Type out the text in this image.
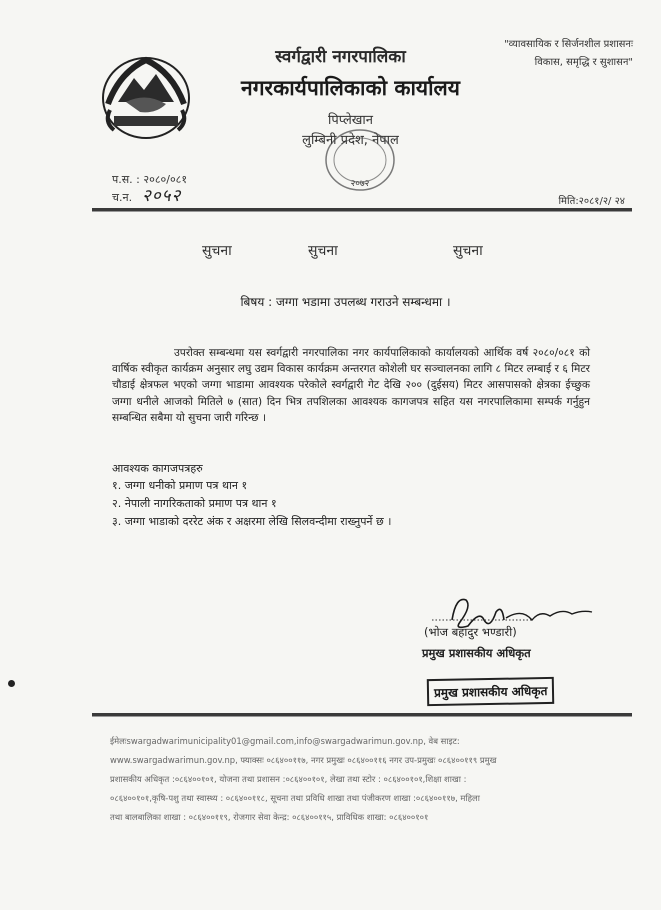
स्वर्गद्वारी नगरपालिका
नगरकार्यपालिकाको कार्यालय
पिप्लेखान
लुम्बिनी प्रदेश, नेपाल
"व्यावसायिक र सिर्जनशील प्रशासनः
विकास, समृद्धि र सुशासन"
२०७२
प.स. : २०८०/०८१
च.न. २०५२	मिति:२०८१/२/ २४
सुचना	सुचना	सुचना
बिषय : जग्गा भडामा उपलब्ध गराउने सम्बन्धमा ।
उपरोक्त सम्बन्धमा यस स्वर्गद्वारी नगरपालिका नगर कार्यपालिकाको कार्यालयको आर्थिक वर्ष २०८०/०८१ को वार्षिक स्वीकृत कार्यक्रम अनुसार लघु उद्यम विकास कार्यक्रम अन्तरगत कोशेली घर सञ्चालनका लागि ८ मिटर लम्बाई र ६ मिटर चौडाई क्षेत्रफल भएको जग्गा भाडामा आवश्यक परेकोले स्वर्गद्वारी गेट देखि २०० (दुईसय) मिटर आसपासको क्षेत्रका ईच्छुक जग्गा धनीले आजको मितिले ७ (सात) दिन भित्र तपशिलका आवश्यक कागजपत्र सहित यस नगरपालिकामा सम्पर्क गर्नुहुन सम्बन्धित सबैमा यो सुचना जारी गरिन्छ ।
आवश्यक कागजपत्रहरु
१. जग्गा धनीको प्रमाण पत्र थान १
२. नेपाली नागरिकताको प्रमाण पत्र थान १
३. जग्गा भाडाको दररेट अंक र अक्षरमा लेखि सिलवन्दीमा राख्नुपर्ने छ ।
(भोज बहादुर भण्डारी)
प्रमुख प्रशासकीय अधिकृत
प्रमुख प्रशासकीय अधिकृत
ईमेलःswargadwarimunicipality01@gmail.com,info@swargadwarimun.gov.np, वेब साइट:
www.swargadwarimun.gov.np, फ्याक्सः ०८६४००११७, नगर प्रमुखः ०८६४००११६ नगर उप-प्रमुखः ०८६४००११९ प्रमुख
प्रशासकीय अधिकृत :०८६४००१०१, योजना तथा प्रशासन :०८६४००१०१, लेखा तथा स्टोर : ०८६४००१०१,शिक्षा शाखा :
०८६४००१०१,कृषि-पशु तथा स्वास्थ्य : ०८६४००११८, सूचना तथा प्रविधि शाखा तथा पंजीकरण शाखा :०८६४००११७, महिला
तथा बालबालिका शाखा : ०८६४००११९, रोजगार सेवा केन्द्र: ०८६४००११५, प्राविधिक शाखा: ०८६४००१०१
